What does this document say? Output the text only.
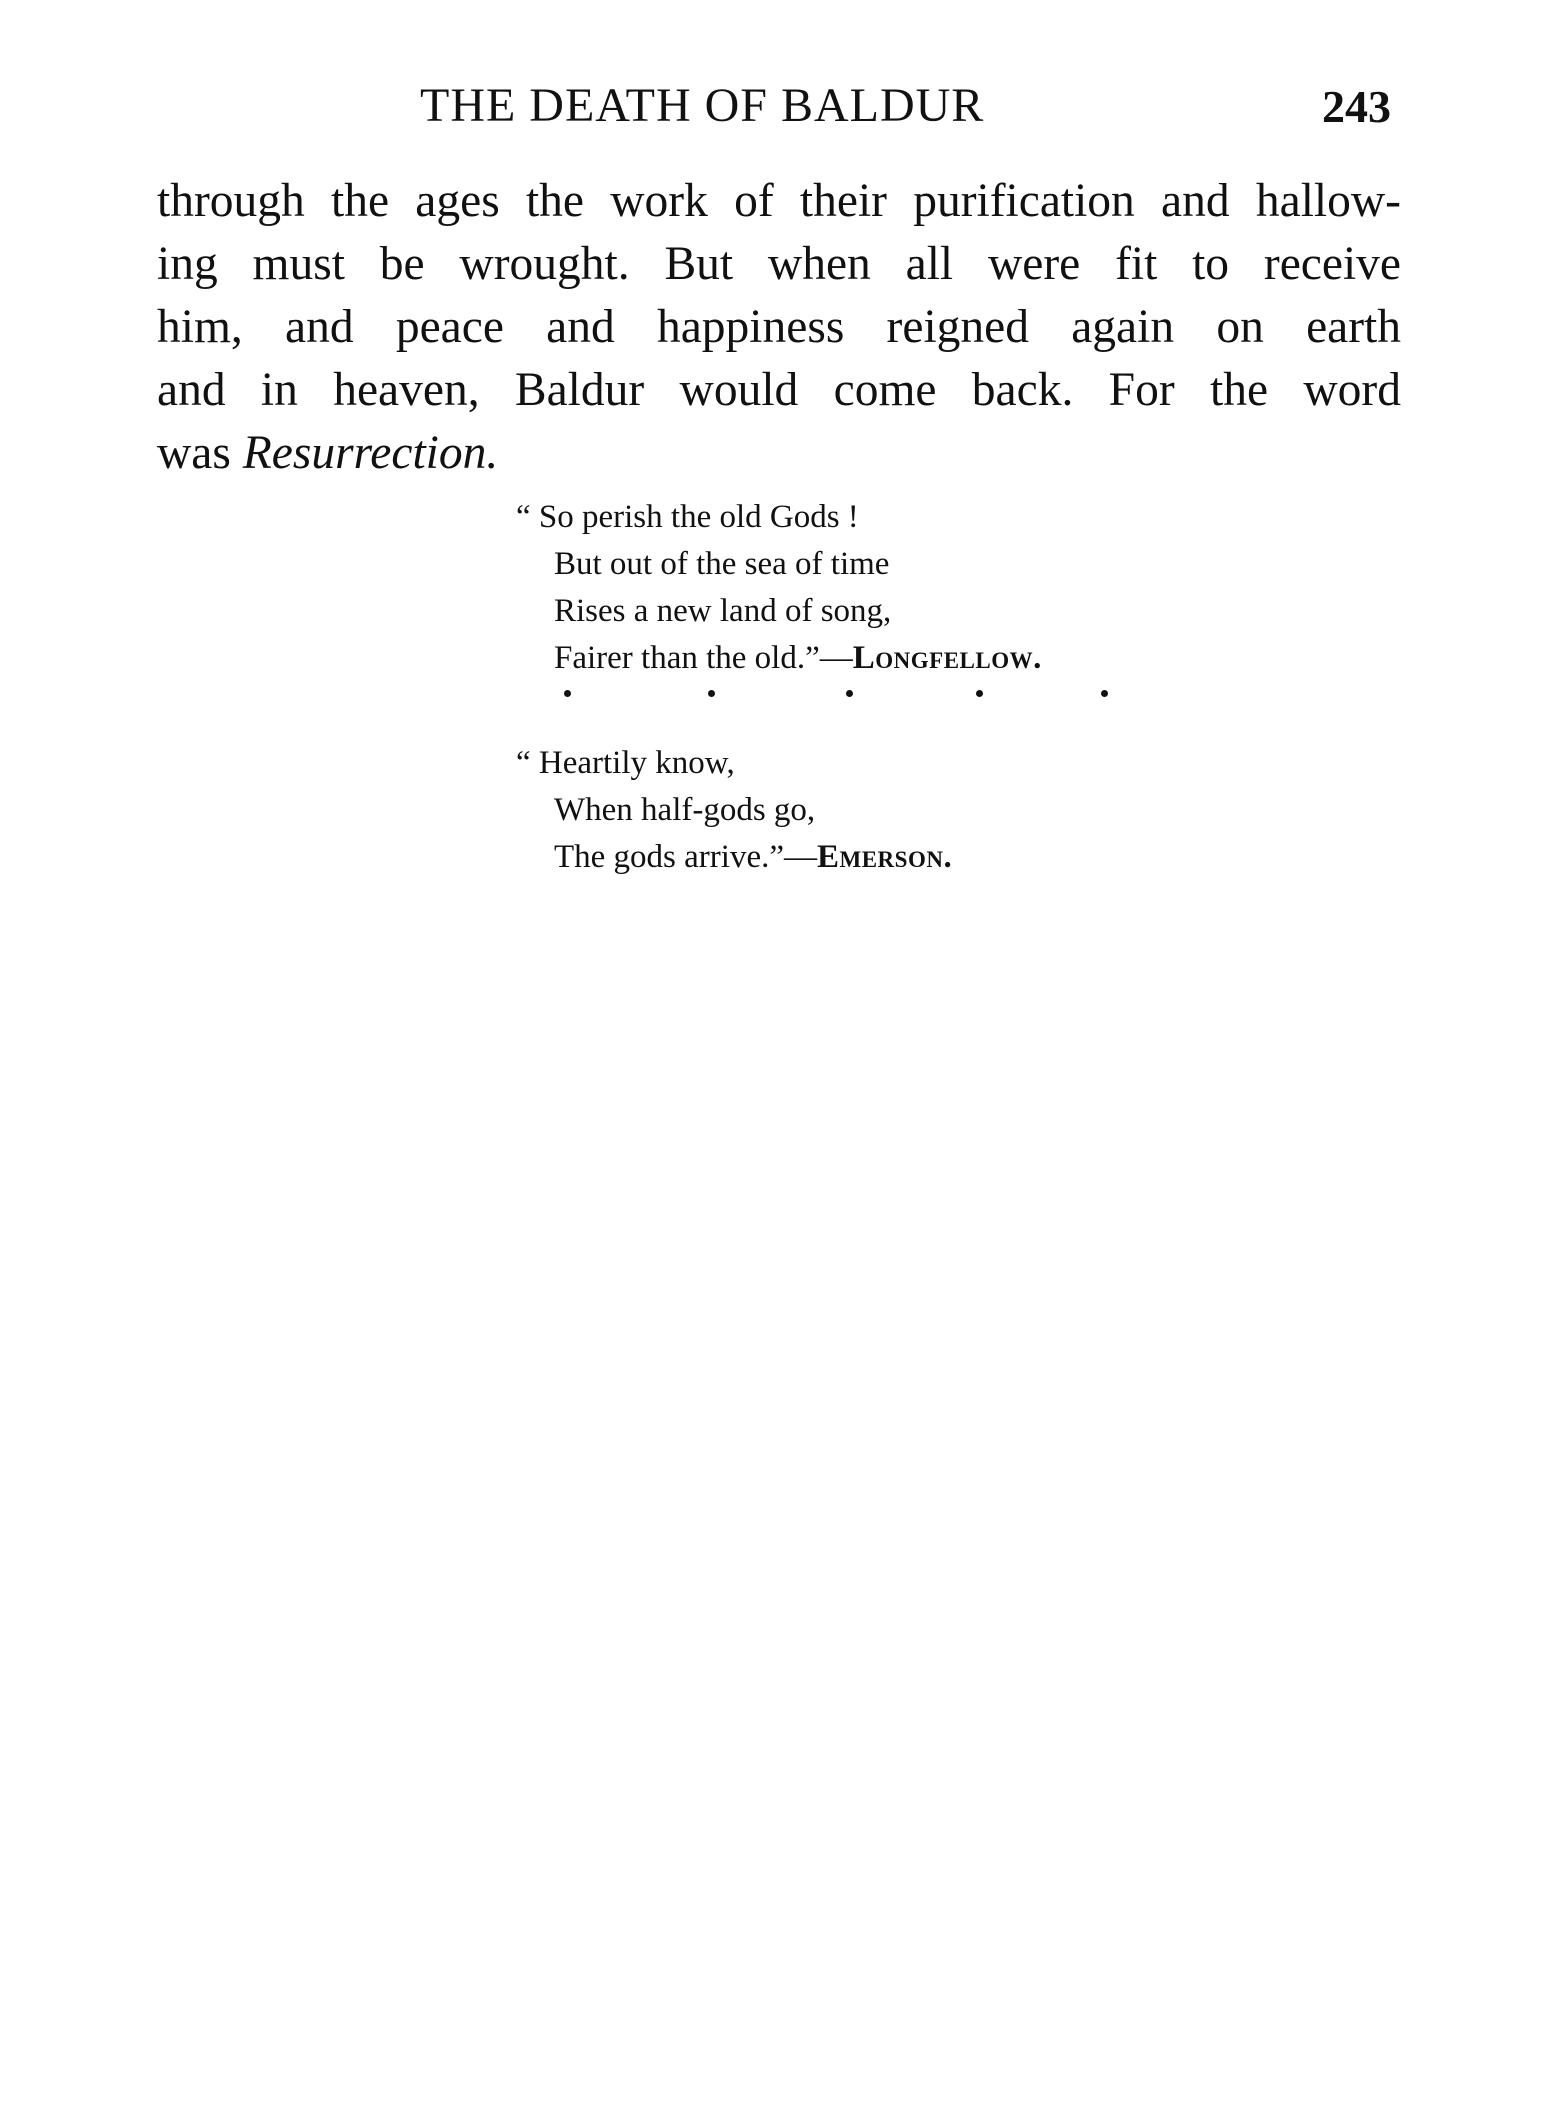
THE DEATH OF BALDUR	243
through the ages the work of their purification and hallow-
ing must be wrought. But when all were fit to receive
him, and peace and happiness reigned again on earth
and in heaven, Baldur would come back. For the word
was Resurrection.
“ So perish the old Gods !
But out of the sea of time
Rises a new land of song,
Fairer than the old.”—Longfellow.
“ Heartily know,
When half-gods go,
The gods arrive.”—Emerson.
